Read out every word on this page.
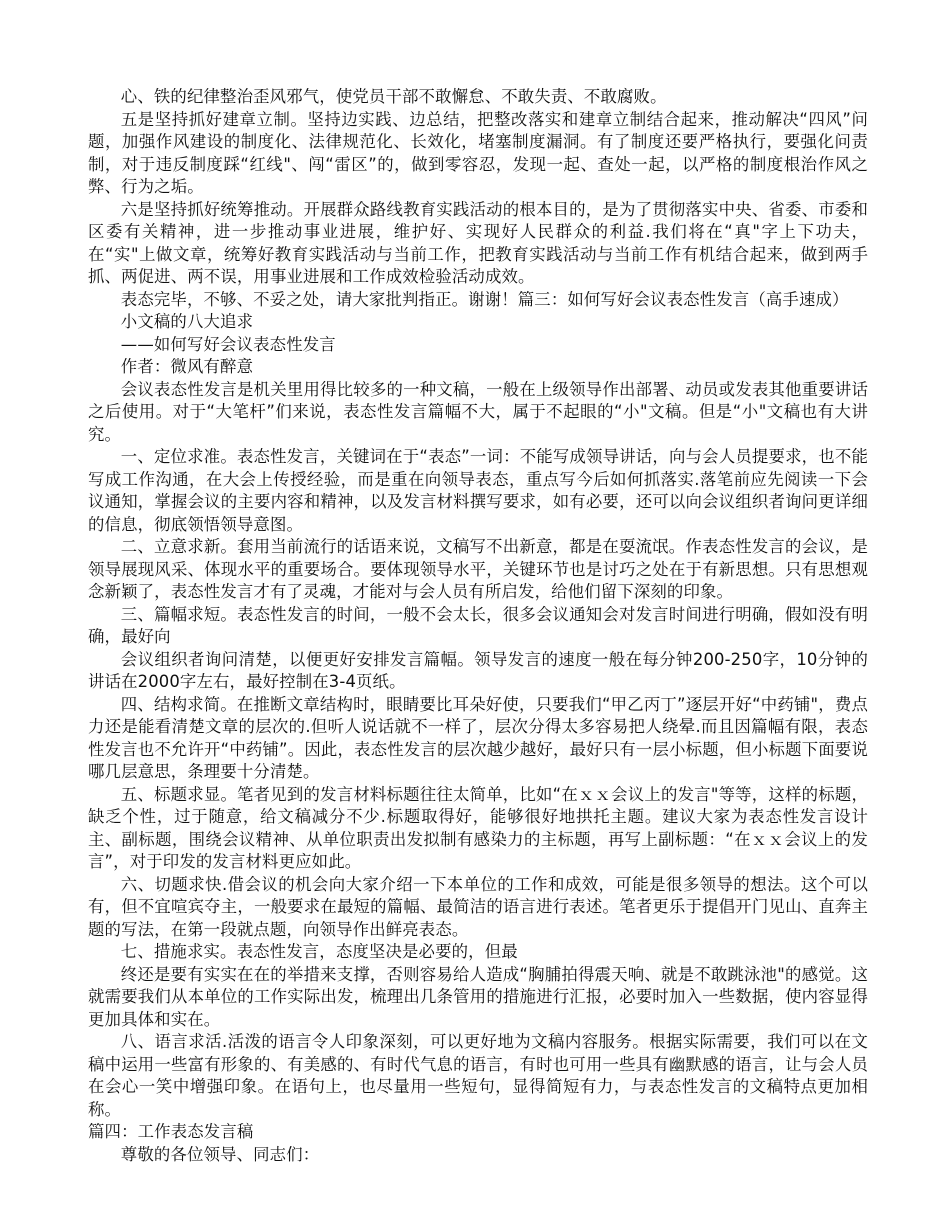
心、铁的纪律整治歪风邪气，使党员干部不敢懈怠、不敢失责、不敢腐败。

五是坚持抓好建章立制。坚持边实践、边总结，把整改落实和建章立制结合起来，推动解决“四风”问题，加强作风建设的制度化、法律规范化、长效化，堵塞制度漏洞。有了制度还要严格执行，要强化问责制，对于违反制度踩“红线"、闯“雷区”的，做到零容忍，发现一起、查处一起，以严格的制度根治作风之弊、行为之垢。

六是坚持抓好统筹推动。开展群众路线教育实践活动的根本目的，是为了贯彻落实中央、省委、市委和区委有关精神，进一步推动事业进展，维护好、实现好人民群众的利益.我们将在“真"字上下功夫，在“实"上做文章，统筹好教育实践活动与当前工作，把教育实践活动与当前工作有机结合起来，做到两手抓、两促进、两不误，用事业进展和工作成效检验活动成效。

表态完毕，不够、不妥之处，请大家批判指正。谢谢！篇三：如何写好会议表态性发言（高手速成）

小文稿的八大追求

——如何写好会议表态性发言

作者：微风有醉意

会议表态性发言是机关里用得比较多的一种文稿，一般在上级领导作出部署、动员或发表其他重要讲话之后使用。对于“大笔杆”们来说，表态性发言篇幅不大，属于不起眼的“小"文稿。但是“小"文稿也有大讲究。

一、定位求准。表态性发言，关键词在于“表态”一词：不能写成领导讲话，向与会人员提要求，也不能写成工作沟通，在大会上传授经验，而是重在向领导表态，重点写今后如何抓落实.落笔前应先阅读一下会议通知，掌握会议的主要内容和精神，以及发言材料撰写要求，如有必要，还可以向会议组织者询问更详细的信息，彻底领悟领导意图。

二、立意求新。套用当前流行的话语来说，文稿写不出新意，都是在耍流氓。作表态性发言的会议，是领导展现风采、体现水平的重要场合。要体现领导水平，关键环节也是讨巧之处在于有新思想。只有思想观念新颖了，表态性发言才有了灵魂，才能对与会人员有所启发，给他们留下深刻的印象。

三、篇幅求短。表态性发言的时间，一般不会太长，很多会议通知会对发言时间进行明确，假如没有明确，最好向

会议组织者询问清楚，以便更好安排发言篇幅。领导发言的速度一般在每分钟200-250字，10分钟的讲话在2000字左右，最好控制在3-4页纸。

四、结构求简。在推断文章结构时，眼睛要比耳朵好使，只要我们“甲乙丙丁”逐层开好“中药铺"，费点力还是能看清楚文章的层次的.但听人说话就不一样了，层次分得太多容易把人绕晕.而且因篇幅有限，表态性发言也不允许开“中药铺”。因此，表态性发言的层次越少越好，最好只有一层小标题，但小标题下面要说哪几层意思，条理要十分清楚。

五、标题求显。笔者见到的发言材料标题往往太简单，比如“在ｘｘ会议上的发言"等等，这样的标题，缺乏个性，过于随意，给文稿减分不少.标题取得好，能够很好地拱托主题。建议大家为表态性发言设计主、副标题，围绕会议精神、从单位职责出发拟制有感染力的主标题，再写上副标题：“在ｘｘ会议上的发言”，对于印发的发言材料更应如此。

六、切题求快.借会议的机会向大家介绍一下本单位的工作和成效，可能是很多领导的想法。这个可以有，但不宜喧宾夺主，一般要求在最短的篇幅、最简洁的语言进行表述。笔者更乐于提倡开门见山、直奔主题的写法，在第一段就点题，向领导作出鲜亮表态。

七、措施求实。表态性发言，态度坚决是必要的，但最

终还是要有实实在在的举措来支撑，否则容易给人造成“胸脯拍得震天响、就是不敢跳泳池"的感觉。这就需要我们从本单位的工作实际出发，梳理出几条管用的措施进行汇报，必要时加入一些数据，使内容显得更加具体和实在。

八、语言求活.活泼的语言令人印象深刻，可以更好地为文稿内容服务。根据实际需要，我们可以在文稿中运用一些富有形象的、有美感的、有时代气息的语言，有时也可用一些具有幽默感的语言，让与会人员在会心一笑中增强印象。在语句上，也尽量用一些短句，显得简短有力，与表态性发言的文稿特点更加相称。

篇四：工作表态发言稿

尊敬的各位领导、同志们：
